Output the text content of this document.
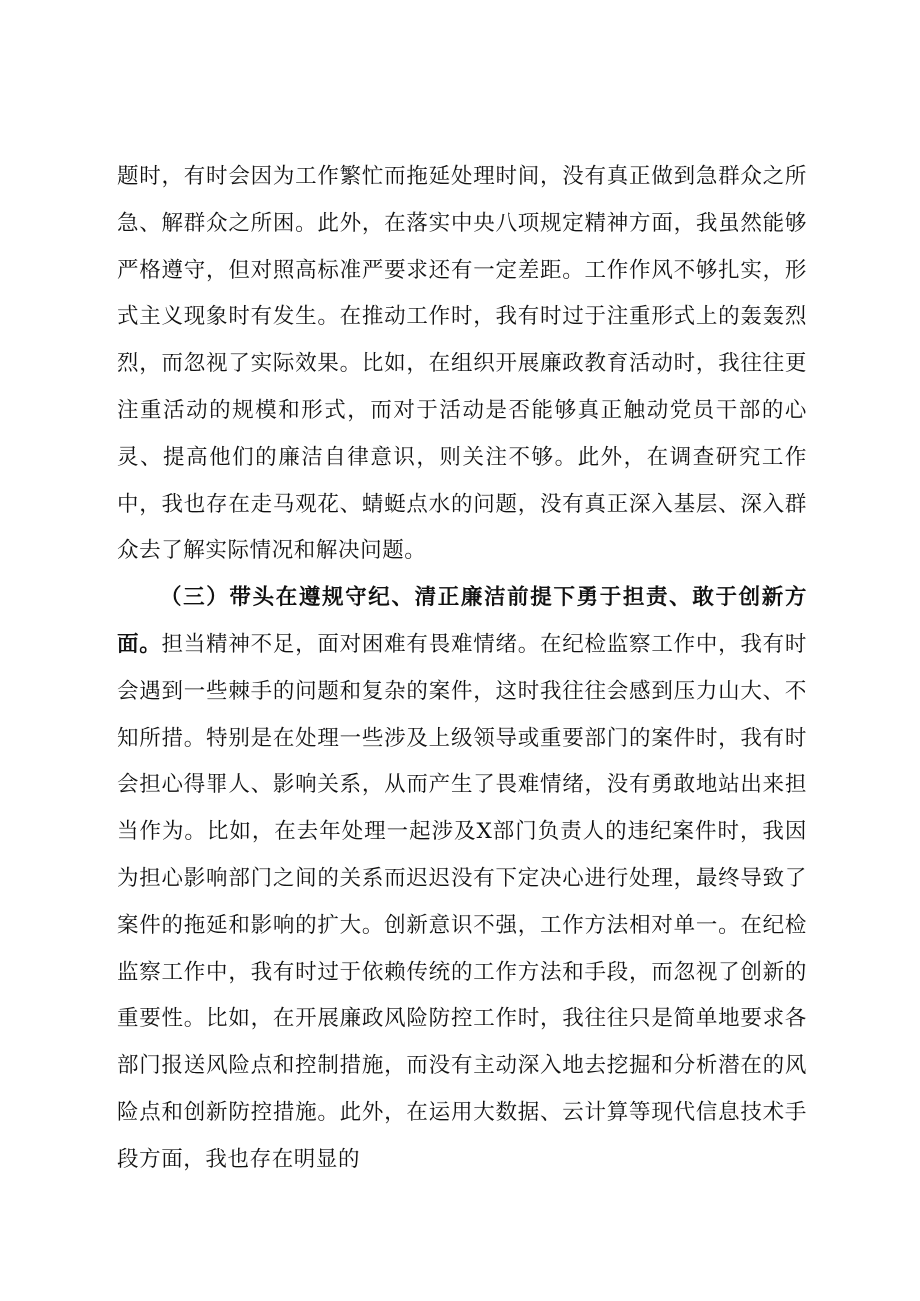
题时，有时会因为工作繁忙而拖延处理时间，没有真正做到急群众之所急、解群众之所困。此外，在落实中央八项规定精神方面，我虽然能够严格遵守，但对照高标准严要求还有一定差距。工作作风不够扎实，形式主义现象时有发生。在推动工作时，我有时过于注重形式上的轰轰烈烈，而忽视了实际效果。比如，在组织开展廉政教育活动时，我往往更注重活动的规模和形式，而对于活动是否能够真正触动党员干部的心灵、提高他们的廉洁自律意识，则关注不够。此外，在调查研究工作中，我也存在走马观花、蜻蜓点水的问题，没有真正深入基层、深入群众去了解实际情况和解决问题。

（三）带头在遵规守纪、清正廉洁前提下勇于担责、敢于创新方面。担当精神不足，面对困难有畏难情绪。在纪检监察工作中，我有时会遇到一些棘手的问题和复杂的案件，这时我往往会感到压力山大、不知所措。特别是在处理一些涉及上级领导或重要部门的案件时，我有时会担心得罪人、影响关系，从而产生了畏难情绪，没有勇敢地站出来担当作为。比如，在去年处理一起涉及X部门负责人的违纪案件时，我因为担心影响部门之间的关系而迟迟没有下定决心进行处理，最终导致了案件的拖延和影响的扩大。创新意识不强，工作方法相对单一。在纪检监察工作中，我有时过于依赖传统的工作方法和手段，而忽视了创新的重要性。比如，在开展廉政风险防控工作时，我往往只是简单地要求各部门报送风险点和控制措施，而没有主动深入地去挖掘和分析潜在的风险点和创新防控措施。此外，在运用大数据、云计算等现代信息技术手段方面，我也存在明显的
